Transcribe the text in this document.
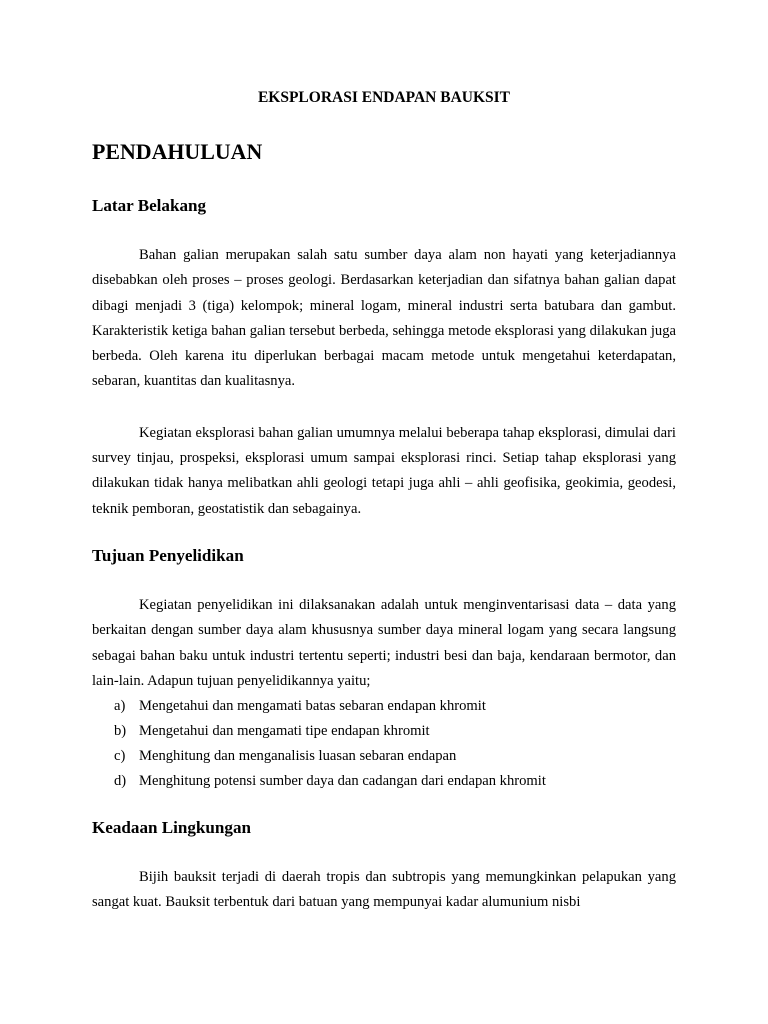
EKSPLORASI ENDAPAN BAUKSIT
PENDAHULUAN
Latar Belakang

Bahan galian merupakan salah satu sumber daya alam non hayati yang keterjadiannya disebabkan oleh proses – proses geologi. Berdasarkan keterjadian dan sifatnya bahan galian dapat dibagi menjadi 3 (tiga) kelompok; mineral logam, mineral industri serta batubara dan gambut. Karakteristik ketiga bahan galian tersebut berbeda, sehingga metode eksplorasi yang dilakukan juga berbeda. Oleh karena itu diperlukan berbagai macam metode untuk mengetahui keterdapatan, sebaran, kuantitas dan kualitasnya.

Kegiatan eksplorasi bahan galian umumnya melalui beberapa tahap eksplorasi, dimulai dari survey tinjau, prospeksi, eksplorasi umum sampai eksplorasi rinci. Setiap tahap eksplorasi yang dilakukan tidak hanya melibatkan ahli geologi tetapi juga ahli – ahli geofisika, geokimia, geodesi, teknik pemboran, geostatistik dan sebagainya.

Tujuan Penyelidikan

Kegiatan penyelidikan ini dilaksanakan adalah untuk menginventarisasi data – data yang berkaitan dengan sumber daya alam khususnya sumber daya mineral logam yang secara langsung sebagai bahan baku untuk industri tertentu seperti; industri besi dan baja, kendaraan bermotor, dan lain-lain. Adapun tujuan penyelidikannya yaitu;

a) Mengetahui dan mengamati batas sebaran endapan khromit
b) Mengetahui dan mengamati tipe endapan khromit
c) Menghitung dan menganalisis luasan sebaran endapan
d) Menghitung potensi sumber daya dan cadangan dari endapan khromit
Keadaan Lingkungan

Bijih bauksit terjadi di daerah tropis dan subtropis yang memungkinkan pelapukan yang sangat kuat. Bauksit terbentuk dari batuan yang mempunyai kadar alumunium nisbi
